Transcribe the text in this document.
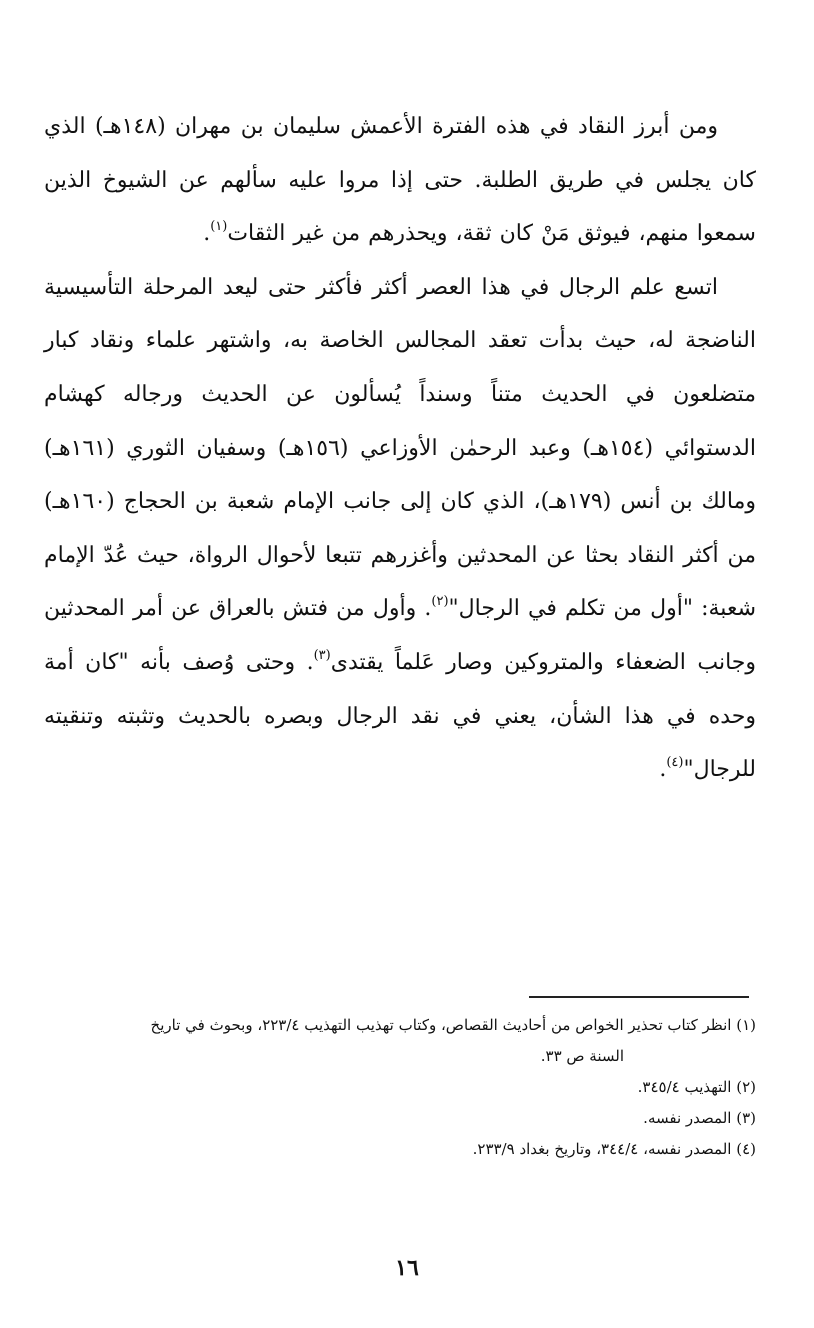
ومن أبرز النقاد في هذه الفترة الأعمش سليمان بن مهران (١٤٨هـ) الذي كان يجلس في طريق الطلبة. حتى إذا مروا عليه سألهم عن الشيوخ الذين سمعوا منهم، فيوثق مَنْ كان ثقة، ويحذرهم من غير الثقات$^{(١)}$.

اتسع علم الرجال في هذا العصر أكثر فأكثر حتى ليعد المرحلة التأسيسية الناضجة له، حيث بدأت تعقد المجالس الخاصة به، واشتهر علماء ونقاد كبار متضلعون في الحديث متناً وسنداً يُسألون عن الحديث ورجاله كهشام الدستوائي (١٥٤هـ) وعبد الرحمٰن الأوزاعي (١٥٦هـ) وسفيان الثوري (١٦١هـ) ومالك بن أنس (١٧٩هـ)، الذي كان إلى جانب الإمام شعبة بن الحجاج (١٦٠هـ) من أكثر النقاد بحثا عن المحدثين وأغزرهم تتبعا لأحوال الرواة، حيث عُدّ الإمام شعبة: "أول من تكلم في الرجال"$^{(٢)}$. وأول من فتش بالعراق عن أمر المحدثين وجانب الضعفاء والمتروكين وصار عَلماً يقتدى$^{(٣)}$. وحتى وُصف بأنه "كان أمة وحده في هذا الشأن، يعني في نقد الرجال وبصره بالحديث وتثبته وتنقيته للرجال"$^{(٤)}$.

(١) انظر كتاب تحذير الخواص من أحاديث القصاص، وكتاب تهذيب التهذيب ٢٢٣/٤، وبحوث في تاريخ

السنة ص ٣٣.

(٢) التهذيب ٣٤٥/٤.

(٣) المصدر نفسه.

(٤) المصدر نفسه، ٣٤٤/٤، وتاريخ بغداد ٢٣٣/٩.

١٦
